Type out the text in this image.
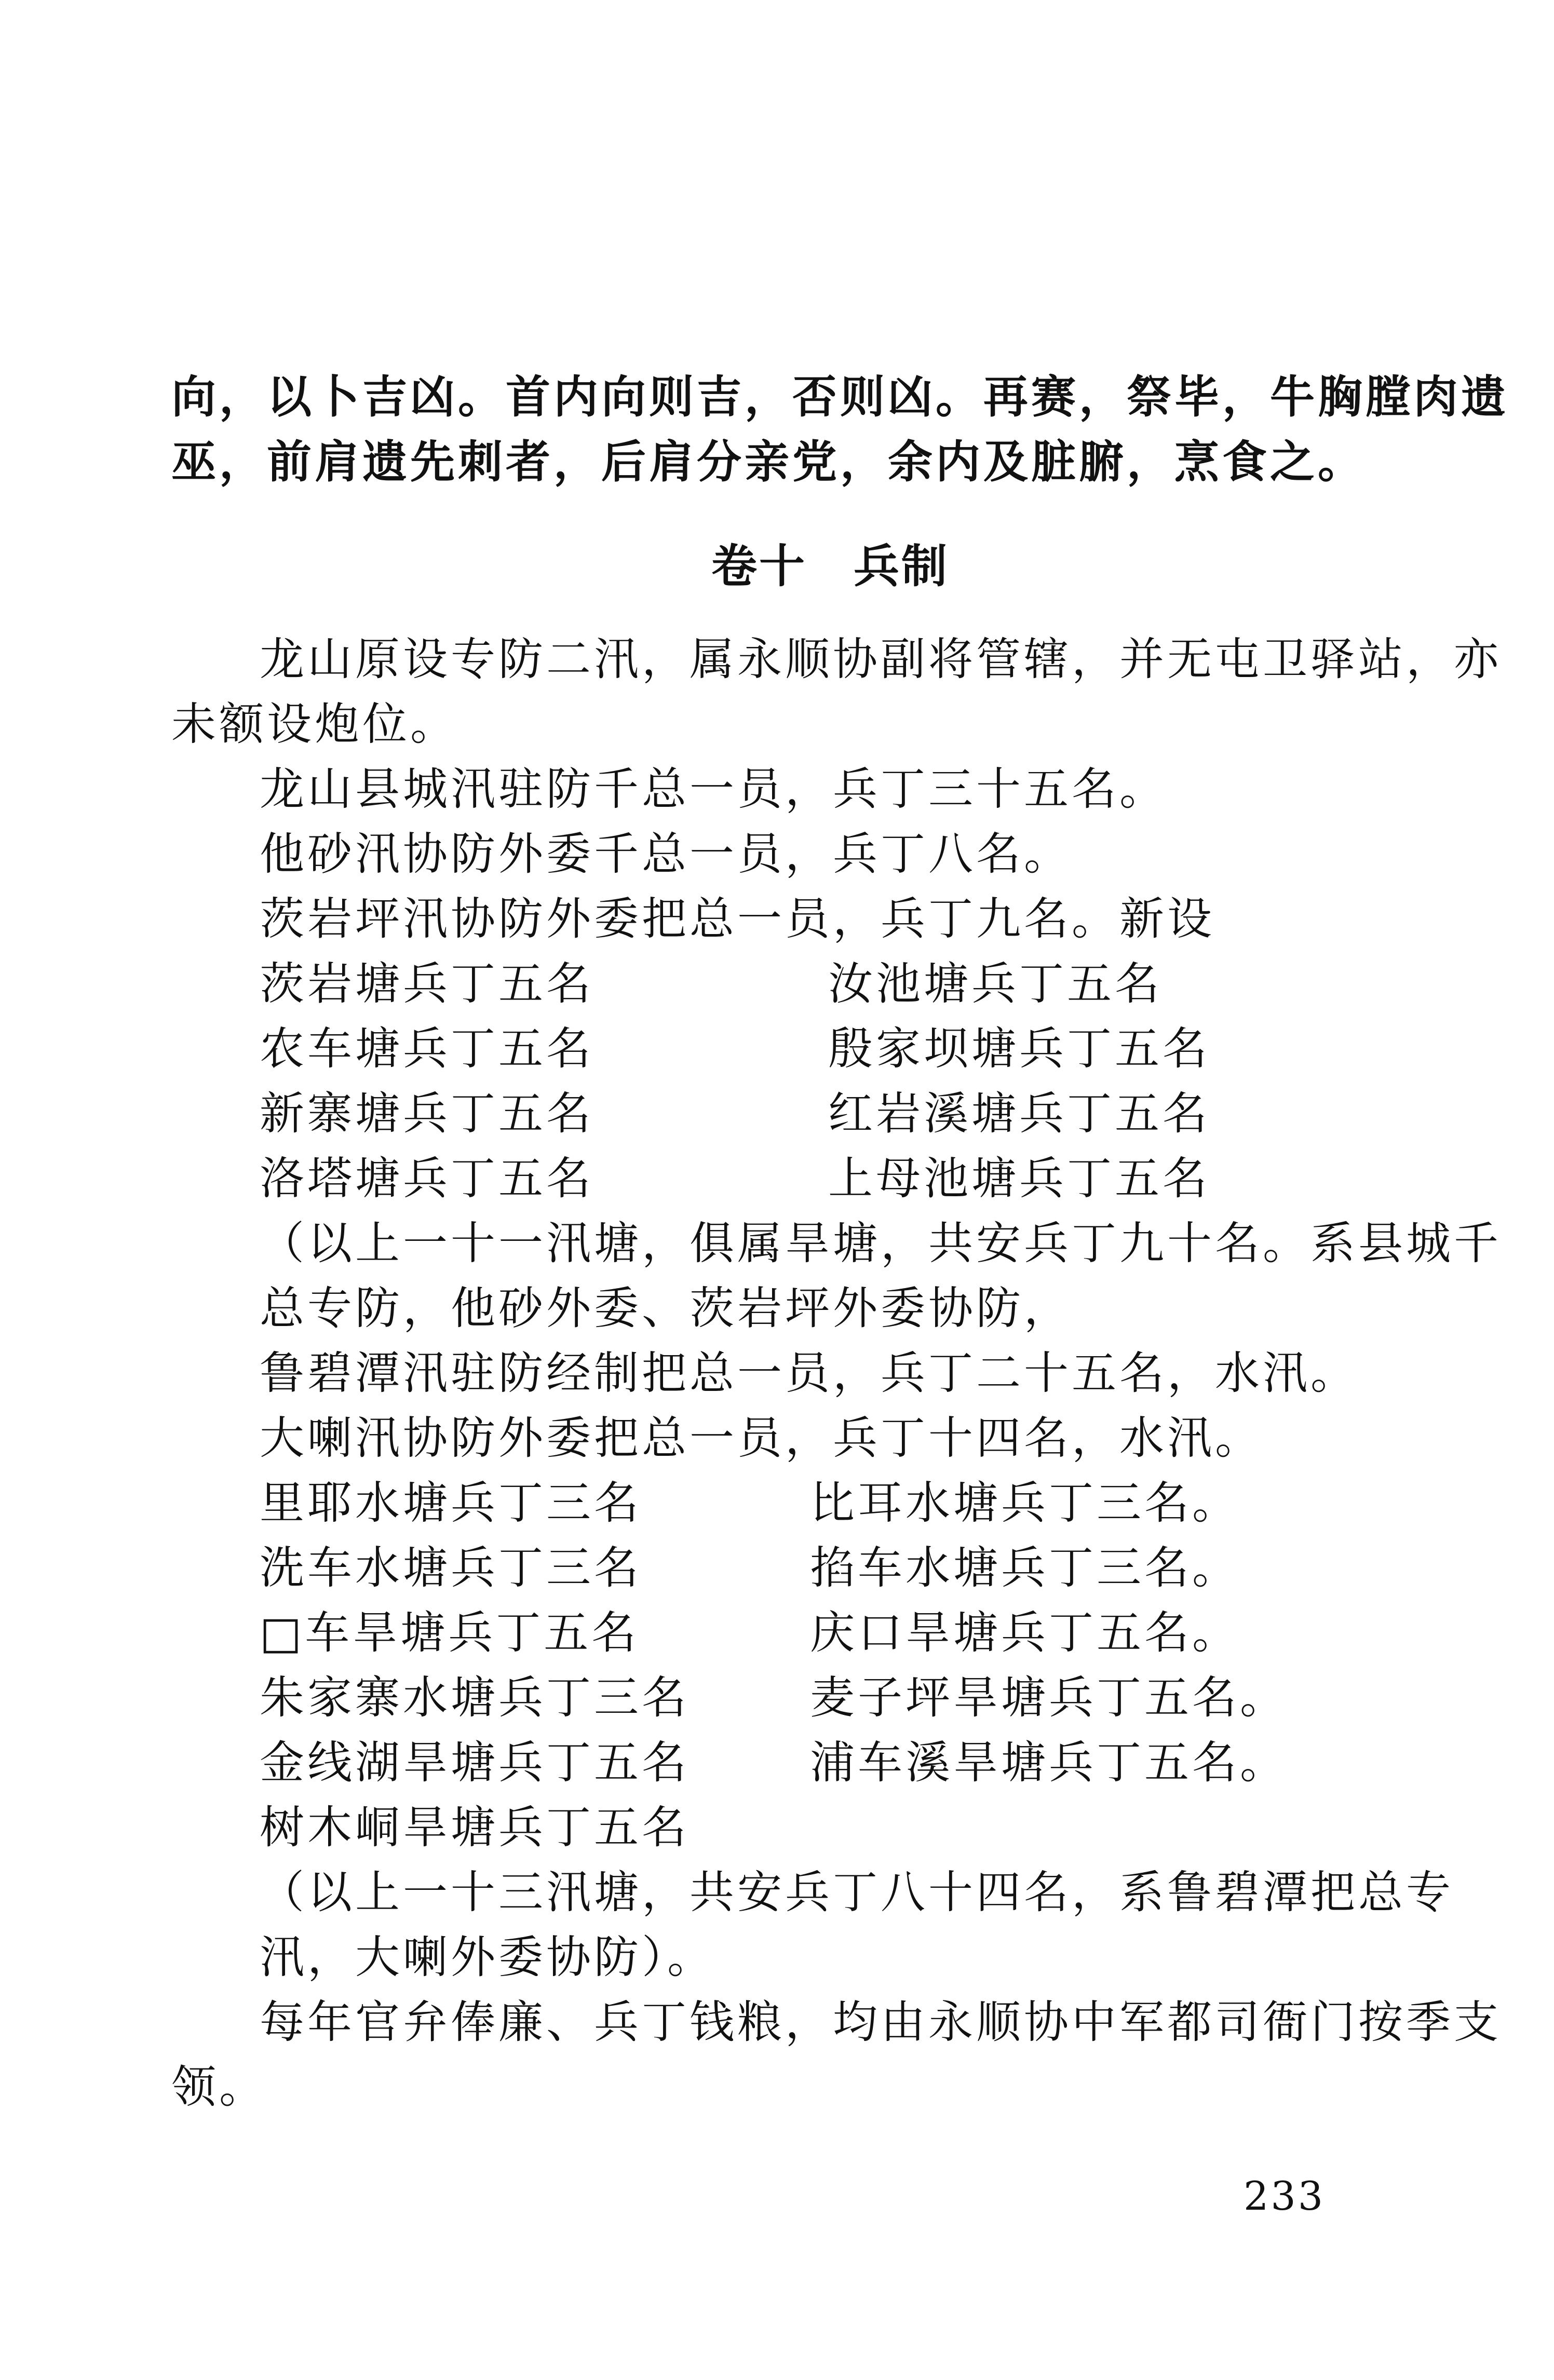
向，以卜吉凶。首内向则吉，否则凶。再赛，祭毕，牛胸膛肉遗
巫，前肩遗先刺者，后肩分亲党，余内及脏腑，烹食之。
卷十 兵制
龙山原设专防二汛，属永顺协副将管辖，并无屯卫驿站，亦
未额设炮位。
龙山县城汛驻防千总一员，兵丁三十五名。
他砂汛协防外委千总一员，兵丁八名。
茨岩坪汛协防外委把总一员，兵丁九名。新设
茨岩塘兵丁五名	汝池塘兵丁五名
农车塘兵丁五名	殷家坝塘兵丁五名
新寨塘兵丁五名	红岩溪塘兵丁五名
洛塔塘兵丁五名	上母池塘兵丁五名
（以上一十一汛塘，俱属旱塘，共安兵丁九十名。系县城千
总专防，他砂外委、茨岩坪外委协防，
鲁碧潭汛驻防经制把总一员，兵丁二十五名，水汛。
大喇汛协防外委把总一员，兵丁十四名，水汛。
里耶水塘兵丁三名	比耳水塘兵丁三名。
洗车水塘兵丁三名	掐车水塘兵丁三名。
□车旱塘兵丁五名	庆口旱塘兵丁五名。
朱家寨水塘兵丁三名	麦子坪旱塘兵丁五名。
金线湖旱塘兵丁五名	浦车溪旱塘兵丁五名。
树木峒旱塘兵丁五名
（以上一十三汛塘，共安兵丁八十四名，系鲁碧潭把总专
汛，大喇外委协防）。
每年官弁俸廉、兵丁钱粮，均由永顺协中军都司衙门按季支
领。
233
